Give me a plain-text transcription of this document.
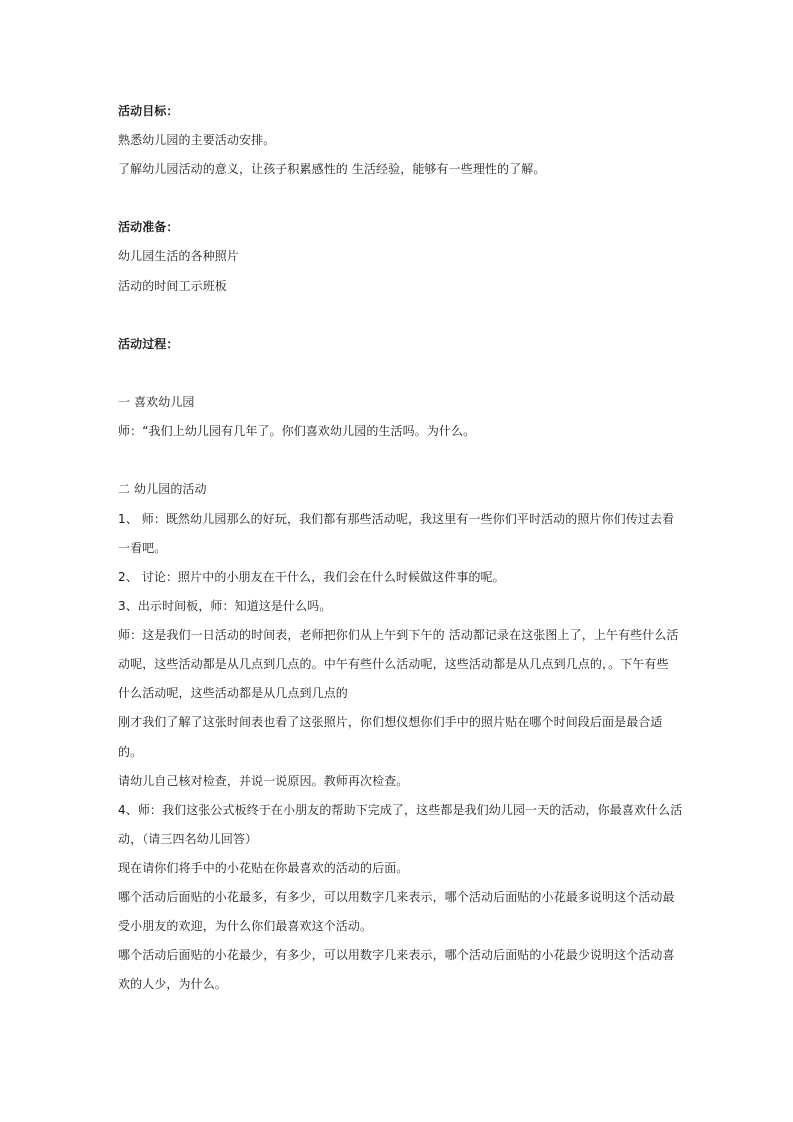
活动目标：
熟悉幼儿园的主要活动安排。
了解幼儿园活动的意义，让孩子积累感性的 生活经验，能够有一些理性的了解。
活动准备：
幼儿园生活的各种照片
活动的时间工示班板
活动过程：
一 喜欢幼儿园
师：“我们上幼儿园有几年了。你们喜欢幼儿园的生活吗。为什么。
二 幼儿园的活动
1、 师：既然幼儿园那么的好玩，我们都有那些活动呢，我这里有一些你们平时活动的照片你们传过去看
一看吧。
2、 讨论：照片中的小朋友在干什么，我们会在什么时候做这件事的呢。
3、出示时间板，师：知道这是什么吗。
师：这是我们一日活动的时间表，老师把你们从上午到下午的 活动都记录在这张图上了，上午有些什么活
动呢，这些活动都是从几点到几点的。中午有些什么活动呢，这些活动都是从几点到几点的，。下午有些
什么活动呢，这些活动都是从几点到几点的
刚才我们了解了这张时间表也看了这张照片，你们想仪想你们手中的照片贴在哪个时间段后面是最合适
的。
请幼儿自己核对检查，并说一说原因。教师再次检查。
4、师：我们这张公式板终于在小朋友的帮助下完成了，这些都是我们幼儿园一天的活动，你最喜欢什么活
动，（请三四名幼儿回答）
现在请你们将手中的小花贴在你最喜欢的活动的后面。
哪个活动后面贴的小花最多，有多少，可以用数字几来表示，哪个活动后面贴的小花最多说明这个活动最
受小朋友的欢迎，为什么你们最喜欢这个活动。
哪个活动后面贴的小花最少，有多少，可以用数字几来表示，哪个活动后面贴的小花最少说明这个活动喜
欢的人少，为什么。
